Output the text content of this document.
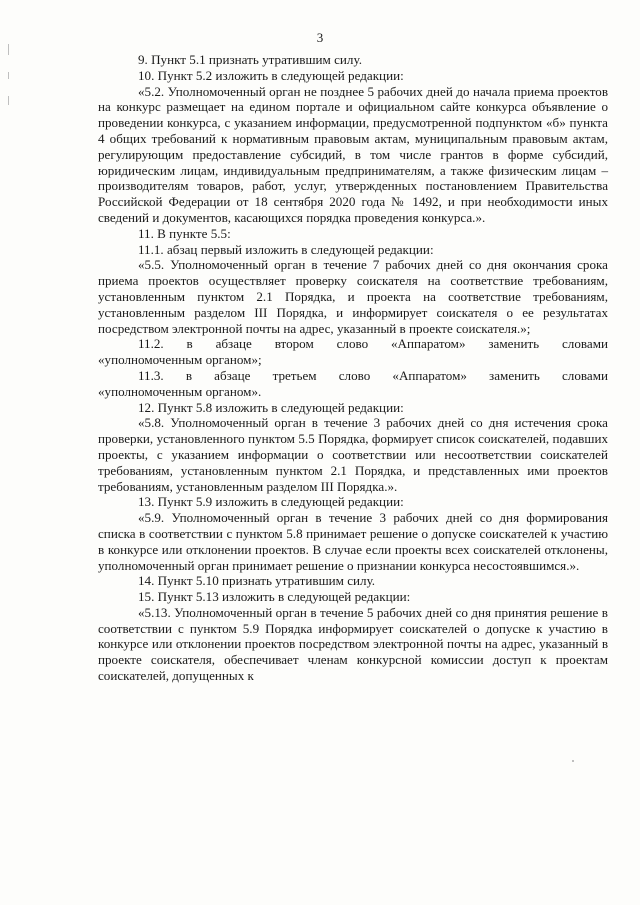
3

9. Пункт 5.1 признать утратившим силу.

10. Пункт 5.2 изложить в следующей редакции:

«5.2. Уполномоченный орган не позднее 5 рабочих дней до начала приема проектов на конкурс размещает на едином портале и официальном сайте конкурса объявление о проведении конкурса, с указанием информации, предусмотренной подпунктом «б» пункта 4 общих требований к нормативным правовым актам, муниципальным правовым актам, регулирующим предоставление субсидий, в том числе грантов в форме субсидий, юридическим лицам, индивидуальным предпринимателям, а также физическим лицам – производителям товаров, работ, услуг, утвержденных постановлением Правительства Российской Федерации от 18 сентября 2020 года № 1492, и при необходимости иных сведений и документов, касающихся порядка проведения конкурса.».

11. В пункте 5.5:

11.1. абзац первый изложить в следующей редакции:

«5.5. Уполномоченный орган в течение 7 рабочих дней со дня окончания срока приема проектов осуществляет проверку соискателя на соответствие требованиям, установленным пунктом 2.1 Порядка, и проекта на соответствие требованиям, установленным разделом III Порядка, и информирует соискателя о ее результатах посредством электронной почты на адрес, указанный в проекте соискателя.»;

11.2. в абзаце втором слово «Аппаратом» заменить словами

«уполномоченным органом»;

11.3. в абзаце третьем слово «Аппаратом» заменить словами

«уполномоченным органом».

12. Пункт 5.8 изложить в следующей редакции:

«5.8. Уполномоченный орган в течение 3 рабочих дней со дня истечения срока проверки, установленного пунктом 5.5 Порядка, формирует список соискателей, подавших проекты, с указанием информации о соответствии или несоответствии соискателей требованиям, установленным пунктом 2.1 Порядка, и представленных ими проектов требованиям, установленным разделом III Порядка.».

13. Пункт 5.9 изложить в следующей редакции:

«5.9. Уполномоченный орган в течение 3 рабочих дней со дня формирования списка в соответствии с пунктом 5.8 принимает решение о допуске соискателей к участию в конкурсе или отклонении проектов. В случае если проекты всех соискателей отклонены, уполномоченный орган принимает решение о признании конкурса несостоявшимся.».

14. Пункт 5.10 признать утратившим силу.

15. Пункт 5.13 изложить в следующей редакции:

«5.13. Уполномоченный орган в течение 5 рабочих дней со дня принятия решение в соответствии с пунктом 5.9 Порядка информирует соискателей о допуске к участию в конкурсе или отклонении проектов посредством электронной почты на адрес, указанный в проекте соискателя, обеспечивает членам конкурсной комиссии доступ к проектам соискателей, допущенных к
